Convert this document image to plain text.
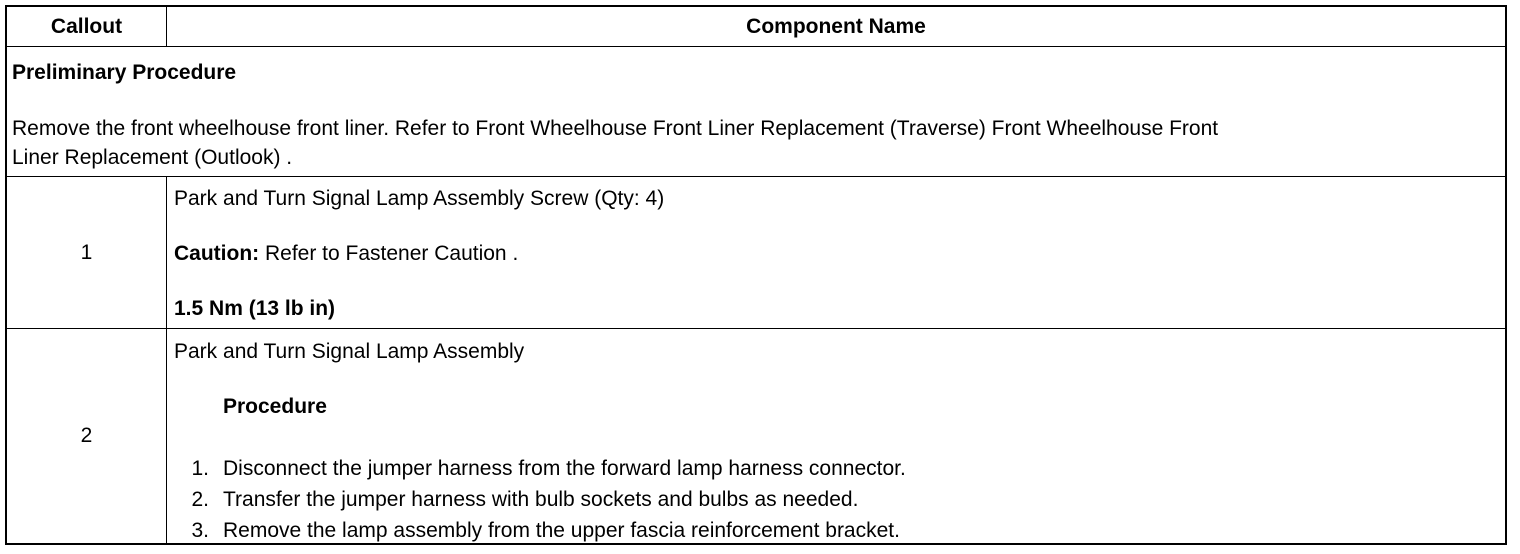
Callout	Component Name
Preliminary Procedure
Remove the front wheelhouse front liner. Refer to Front Wheelhouse Front Liner Replacement (Traverse) Front Wheelhouse Front
Liner Replacement (Outlook) .
1
Park and Turn Signal Lamp Assembly Screw (Qty: 4)
Caution: Refer to Fastener Caution .
1.5 Nm (13 lb in)
2
Park and Turn Signal Lamp Assembly
Procedure
1. Disconnect the jumper harness from the forward lamp harness connector.
2. Transfer the jumper harness with bulb sockets and bulbs as needed.
3. Remove the lamp assembly from the upper fascia reinforcement bracket.
